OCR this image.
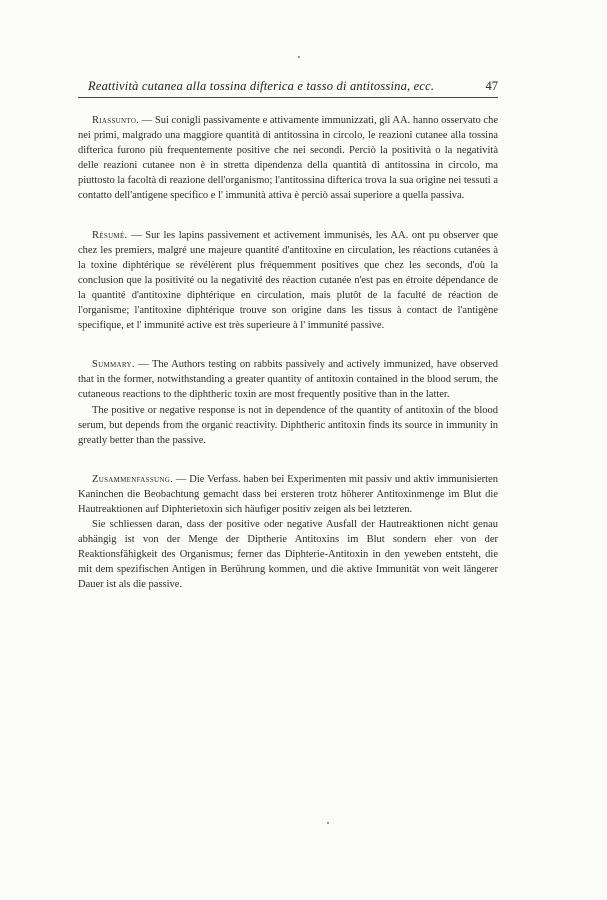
Reattività cutanea alla tossina difterica e tasso di antitossina, ecc.	47

Riassunto. — Sui conigli passivamente e attivamente immunizzati, gli AA. hanno osservato che nei primi, malgrado una maggiore quantità di antitossina in circolo, le reazioni cutanee alla tossina difterica furono più frequentemente positive che nei secondi. Perciò la positività o la negatività delle reazioni cutanee non è in stretta dipendenza della quantità di antitossina in circolo, ma piuttosto la facoltà di reazione dell'organismo; l'antitossina difterica trova la sua origine nei tessuti a contatto dell'antigene specifico e l' immunità attiva è perciò assai superiore a quella passiva.

Résumé. — Sur les lapins passivement et activement immunisés, les AA. ont pu observer que chez les premiers, malgré une majeure quantité d'antitoxine en circulation, les réactions cutanées à la toxine diphtérique se révélèrent plus fréquemment positives que chez les seconds, d'où la conclusion que la positivité ou la negativité des réaction cutanée n'est pas en étroite dépendance de la quantité d'antitoxine diphtérique en circulation, mais plutôt de la faculté de réaction de l'organisme; l'antitoxine diphtérique trouve son origine dans les tissus à contact de l'antigène specifique, et l' immunité active est très superieure à l' immunité passive.

Summary. — The Authors testing on rabbits passively and actively immunized, have observed that in the former, notwithstanding a greater quantity of antitoxin contained in the blood serum, the cutaneous reactions to the diphtheric toxin are most frequently positive than in the latter.

The positive or negative response is not in dependence of the quantity of antitoxin of the blood serum, but depends from the organic reactivity. Diphtheric antitoxin finds its source in immunity in greatly better than the passive.

Zusammenfassung. — Die Verfass. haben bei Experimenten mit passiv und aktiv immunisierten Kaninchen die Beobachtung gemacht dass bei ersteren trotz höherer Antitoxinmenge im Blut die Hautreaktionen auf Diphterietoxin sich häufiger positiv zeigen als bei letzteren.

Sie schliessen daran, dass der positive oder negative Ausfall der Hautreaktionen nicht genau abhängig ist von der Menge der Diptherie Antitoxins im Blut sondern eher von der Reaktionsfähigkeit des Organismus; ferner das Diphterie-Antitoxin in den yeweben entsteht, die mit dem spezifischen Antigen in Berührung kommen, und die aktive Immunität von weit längerer Dauer ist als die passive.
